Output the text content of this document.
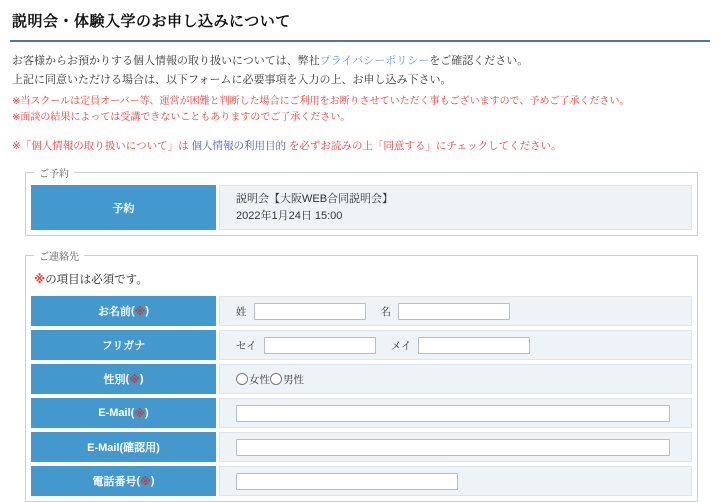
説明会・体験入学のお申し込みについて

お客様からお預かりする個人情報の取り扱いについては、弊社プライバシーポリシーをご確認ください。

上記に同意いただける場合は、以下フォームに必要事項を入力の上、お申し込み下さい。

※当スクールは定員オーバー等、運営が困難と判断した場合にご利用をお断りさせていただく事もございますので、予めご了承ください。

※面談の結果によっては受講できないこともありますのでご了承ください。

※「個人情報の取り扱いについて」は 個人情報の利用目的 を必ずお読みの上「同意する」にチェックしてください。
ご予約
予約
説明会【大阪WEB合同説明会】
2022年1月24日 15:00
ご連絡先
※の項目は必須です。
お名前 ( ※ )	姓	名
フリガナ	セイ	メイ
性別 ( ※ )	女性 男性
E-Mail ( ※ )
E-Mail(確認用)
電話番号 ( ※ )
